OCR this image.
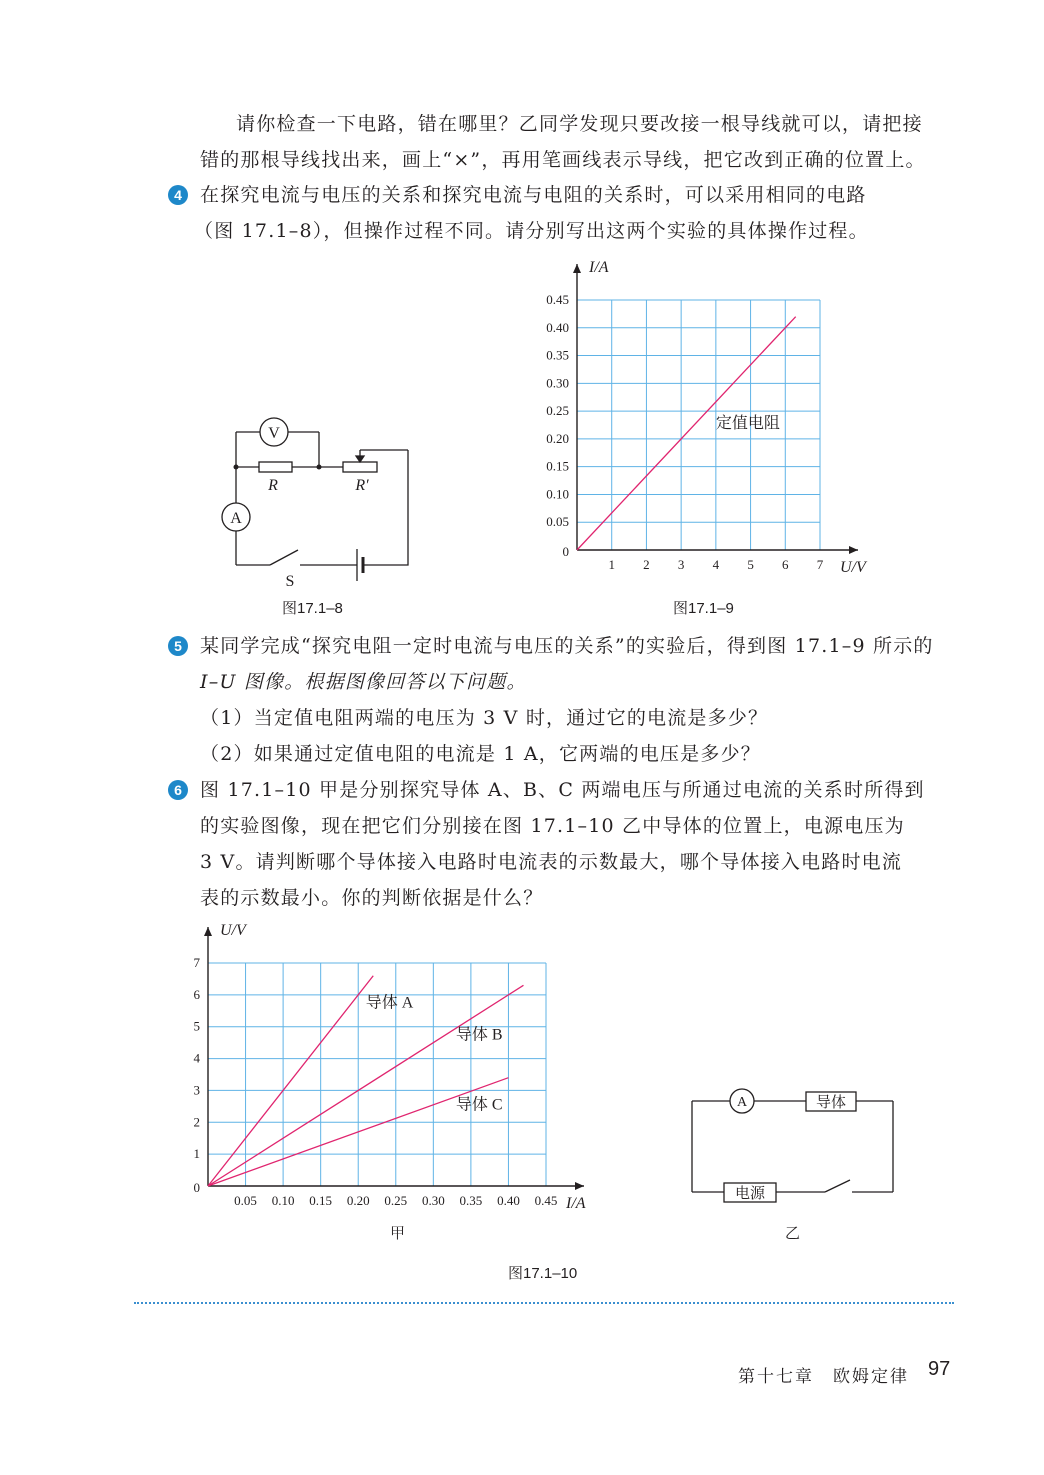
请你检查一下电路，错在哪里？乙同学发现只要改接一根导线就可以，请把接
错的那根导线找出来，画上“×”，再用笔画线表示导线，把它改到正确的位置上。
4 在探究电流与电压的关系和探究电流与电阻的关系时，可以采用相同的电路
（图 17.1–8），但操作过程不同。请分别写出这两个实验的具体操作过程。
V
A
R	R′
S
图17.1–8
1 2 3 4 5 6 7
0.05
0.10
0.15
0.20
0.25
0.30
0.35
0.40
0.45
0
I/A
U/V
定值电阻
图17.1–9
5 某同学完成“探究电阻一定时电流与电压的关系”的实验后，得到图 17.1–9 所示的
I–U 图像。根据图像回答以下问题。
（1）当定值电阻两端的电压为 3 V 时，通过它的电流是多少？
（2）如果通过定值电阻的电流是 1 A，它两端的电压是多少？
6 图 17.1–10 甲是分别探究导体 A、B、C 两端电压与所通过电流的关系时所得到
的实验图像，现在把它们分别接在图 17.1–10 乙中导体的位置上，电源电压为
3 V。请判断哪个导体接入电路时电流表的示数最大，哪个导体接入电路时电流
表的示数最小。你的判断依据是什么？
0.05 0.10 0.15 0.20 0.25 0.30 0.35 0.40 0.45
1
2
3
4
5
6
7
0
U/V
I/A
导体 A
导体 B
导体 C
甲
A	导体
电源
乙
图17.1–10
第十七章　欧姆定律 97
